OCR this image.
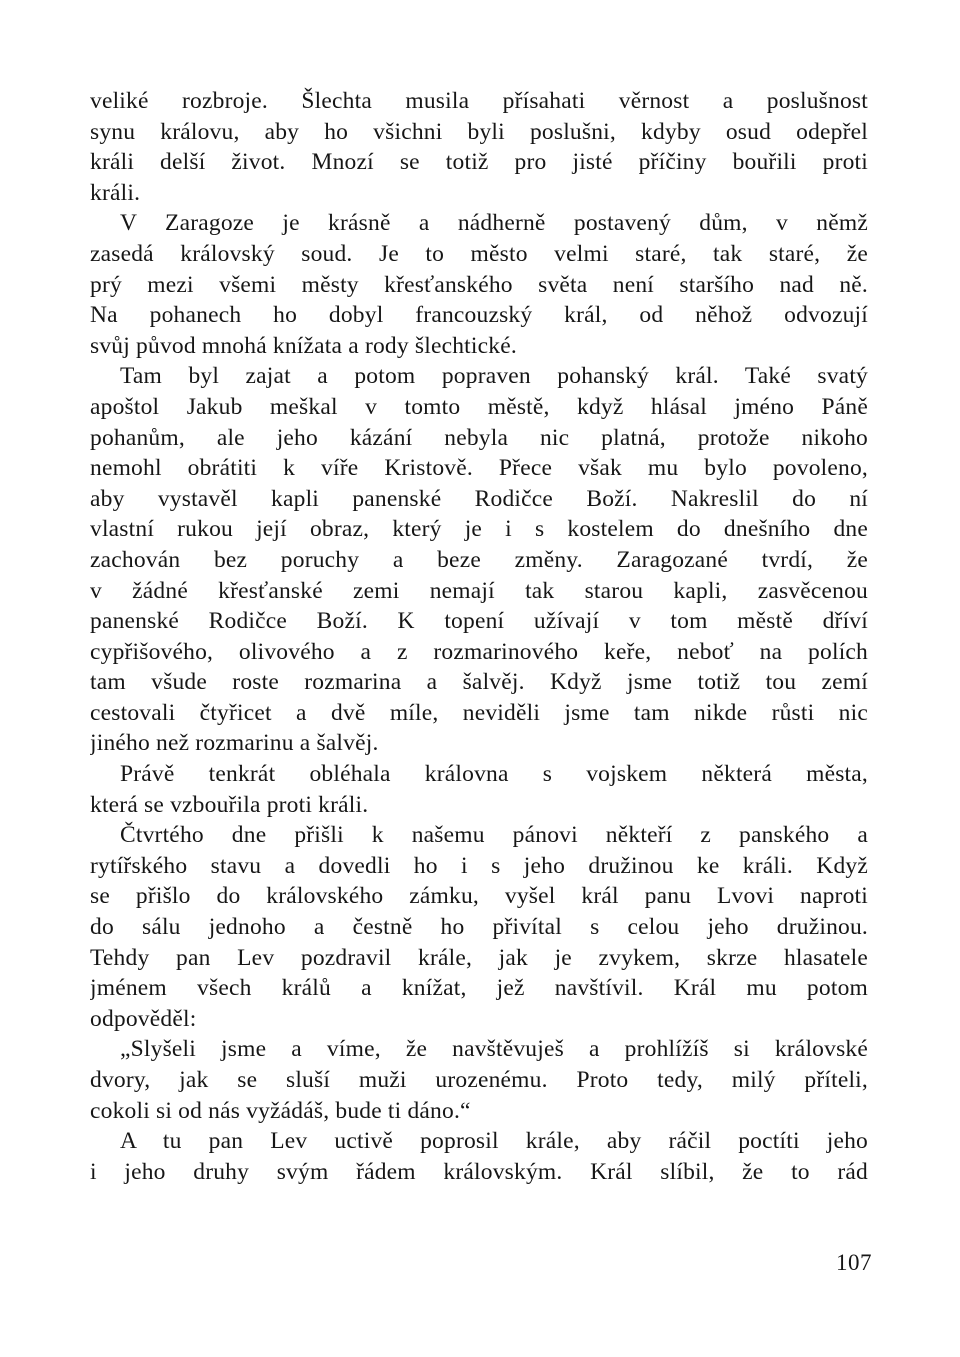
veliké rozbroje. Šlechta musila přísahati věrnost a poslušnost
synu královu, aby ho všichni byli poslušni, kdyby osud odepřel
králi delší život. Mnozí se totiž pro jisté příčiny bouřili proti
králi.
V Zaragoze je krásně a nádherně postavený dům, v němž
zasedá královský soud. Je to město velmi staré, tak staré, že
prý mezi všemi městy křesťanského světa není staršího nad ně.
Na pohanech ho dobyl francouzský král, od něhož odvozují
svůj původ mnohá knížata a rody šlechtické.
Tam byl zajat a potom popraven pohanský král. Také svatý
apoštol Jakub meškal v tomto městě, když hlásal jméno Páně
pohanům, ale jeho kázání nebyla nic platná, protože nikoho
nemohl obrátiti k víře Kristově. Přece však mu bylo povoleno,
aby vystavěl kapli panenské Rodičce Boží. Nakreslil do ní
vlastní rukou její obraz, který je i s kostelem do dnešního dne
zachován bez poruchy a beze změny. Zaragozané tvrdí, že
v žádné křesťanské zemi nemají tak starou kapli, zasvěcenou
panenské Rodičce Boží. K topení užívají v tom městě dříví
cypřišového, olivového a z rozmarinového keře, neboť na polích
tam všude roste rozmarina a šalvěj. Když jsme totiž tou zemí
cestovali čtyřicet a dvě míle, neviděli jsme tam nikde růsti nic
jiného než rozmarinu a šalvěj.
Právě tenkrát obléhala královna s vojskem některá města,
která se vzbouřila proti králi.
Čtvrtého dne přišli k našemu pánovi někteří z panského a
rytířského stavu a dovedli ho i s jeho družinou ke králi. Když
se přišlo do královského zámku, vyšel král panu Lvovi naproti
do sálu jednoho a čestně ho přivítal s celou jeho družinou.
Tehdy pan Lev pozdravil krále, jak je zvykem, skrze hlasatele
jménem všech králů a knížat, jež navštívil. Král mu potom
odpověděl:
„Slyšeli jsme a víme, že navštěvuješ a prohlížíš si královské
dvory, jak se sluší muži urozenému. Proto tedy, milý příteli,
cokoli si od nás vyžádáš, bude ti dáno.“
A tu pan Lev uctivě poprosil krále, aby ráčil poctíti jeho
i jeho druhy svým řádem královským. Král slíbil, že to rád
107
